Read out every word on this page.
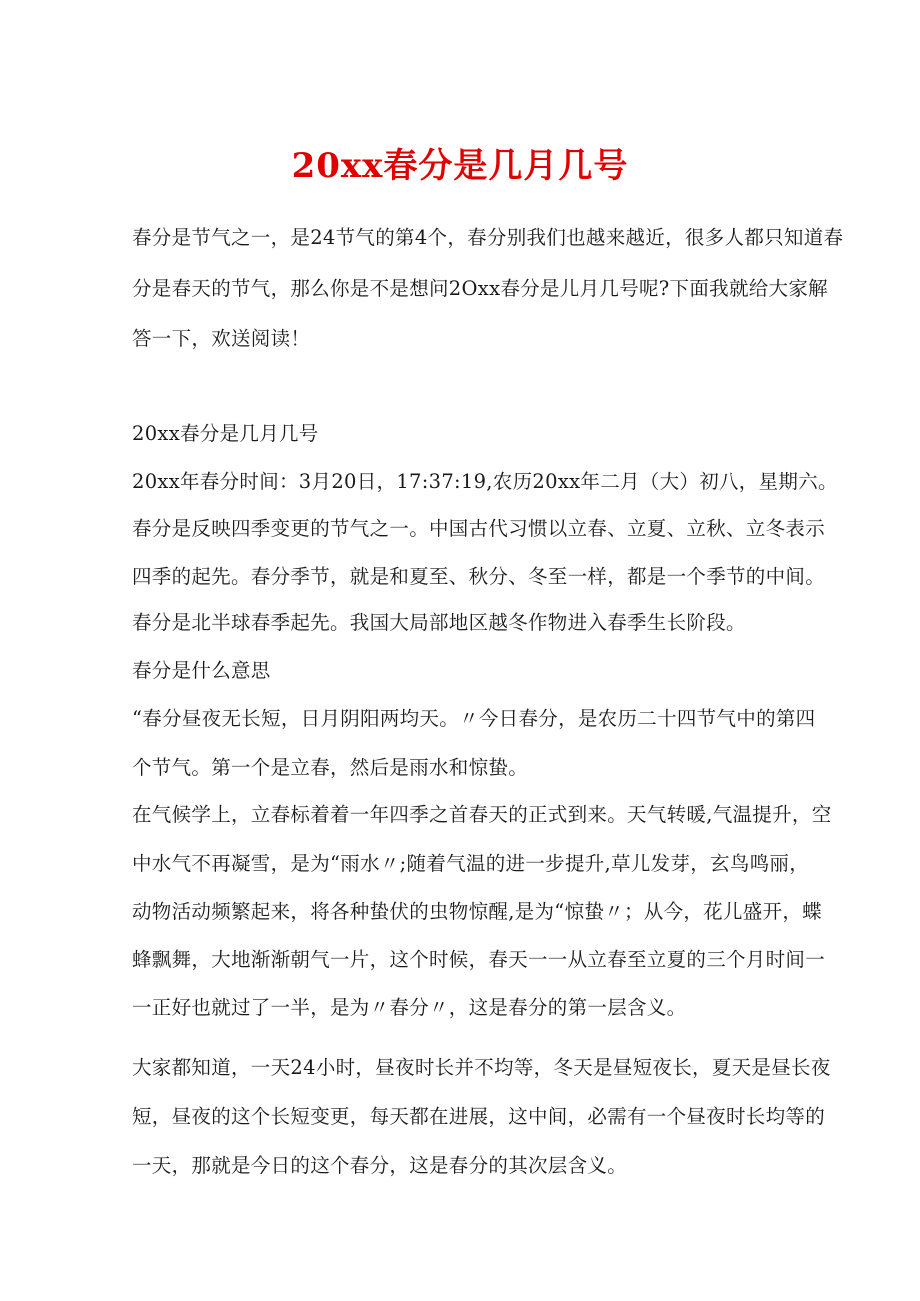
20xx春分是几月几号
春分是节气之一，是24节气的第4个，春分别我们也越来越近，很多人都只知道春
分是春天的节气，那么你是不是想问2Oxx春分是儿月几号呢?下面我就给大家解
答一下，欢送阅读！
20xx春分是几月几号
20xx年春分时间：3月20日，17:37:19,农历20xx年二月（大）初八，星期六。
春分是反映四季变更的节气之一。中国古代习惯以立春、立夏、立秋、立冬表示
四季的起先。春分季节，就是和夏至、秋分、冬至一样，都是一个季节的中间。
春分是北半球春季起先。我国大局部地区越冬作物进入春季生长阶段。
春分是什么意思
“春分昼夜无长短，日月阴阳两均天。〃今日春分，是农历二十四节气中的第四
个节气。第一个是立春，然后是雨水和惊蛰。
在气候学上，立春标着着一年四季之首春天的正式到来。天气转暖,气温提升，空
中水气不再凝雪，是为“雨水〃;随着气温的进一步提升,草儿发芽，玄鸟鸣丽，
动物活动频繁起来，将各种蛰伏的虫物惊醒,是为“惊蛰〃；从今，花儿盛开，蝶
蜂飘舞，大地渐渐朝气一片，这个时候，春天一一从立春至立夏的三个月时间一
一正好也就过了一半，是为〃春分〃，这是春分的第一层含义。
大家都知道，一天24小时，昼夜时长并不均等，冬天是昼短夜长，夏天是昼长夜
短，昼夜的这个长短变更，每天都在进展，这中间，必需有一个昼夜时长均等的
一天，那就是今日的这个春分，这是春分的其次层含义。
